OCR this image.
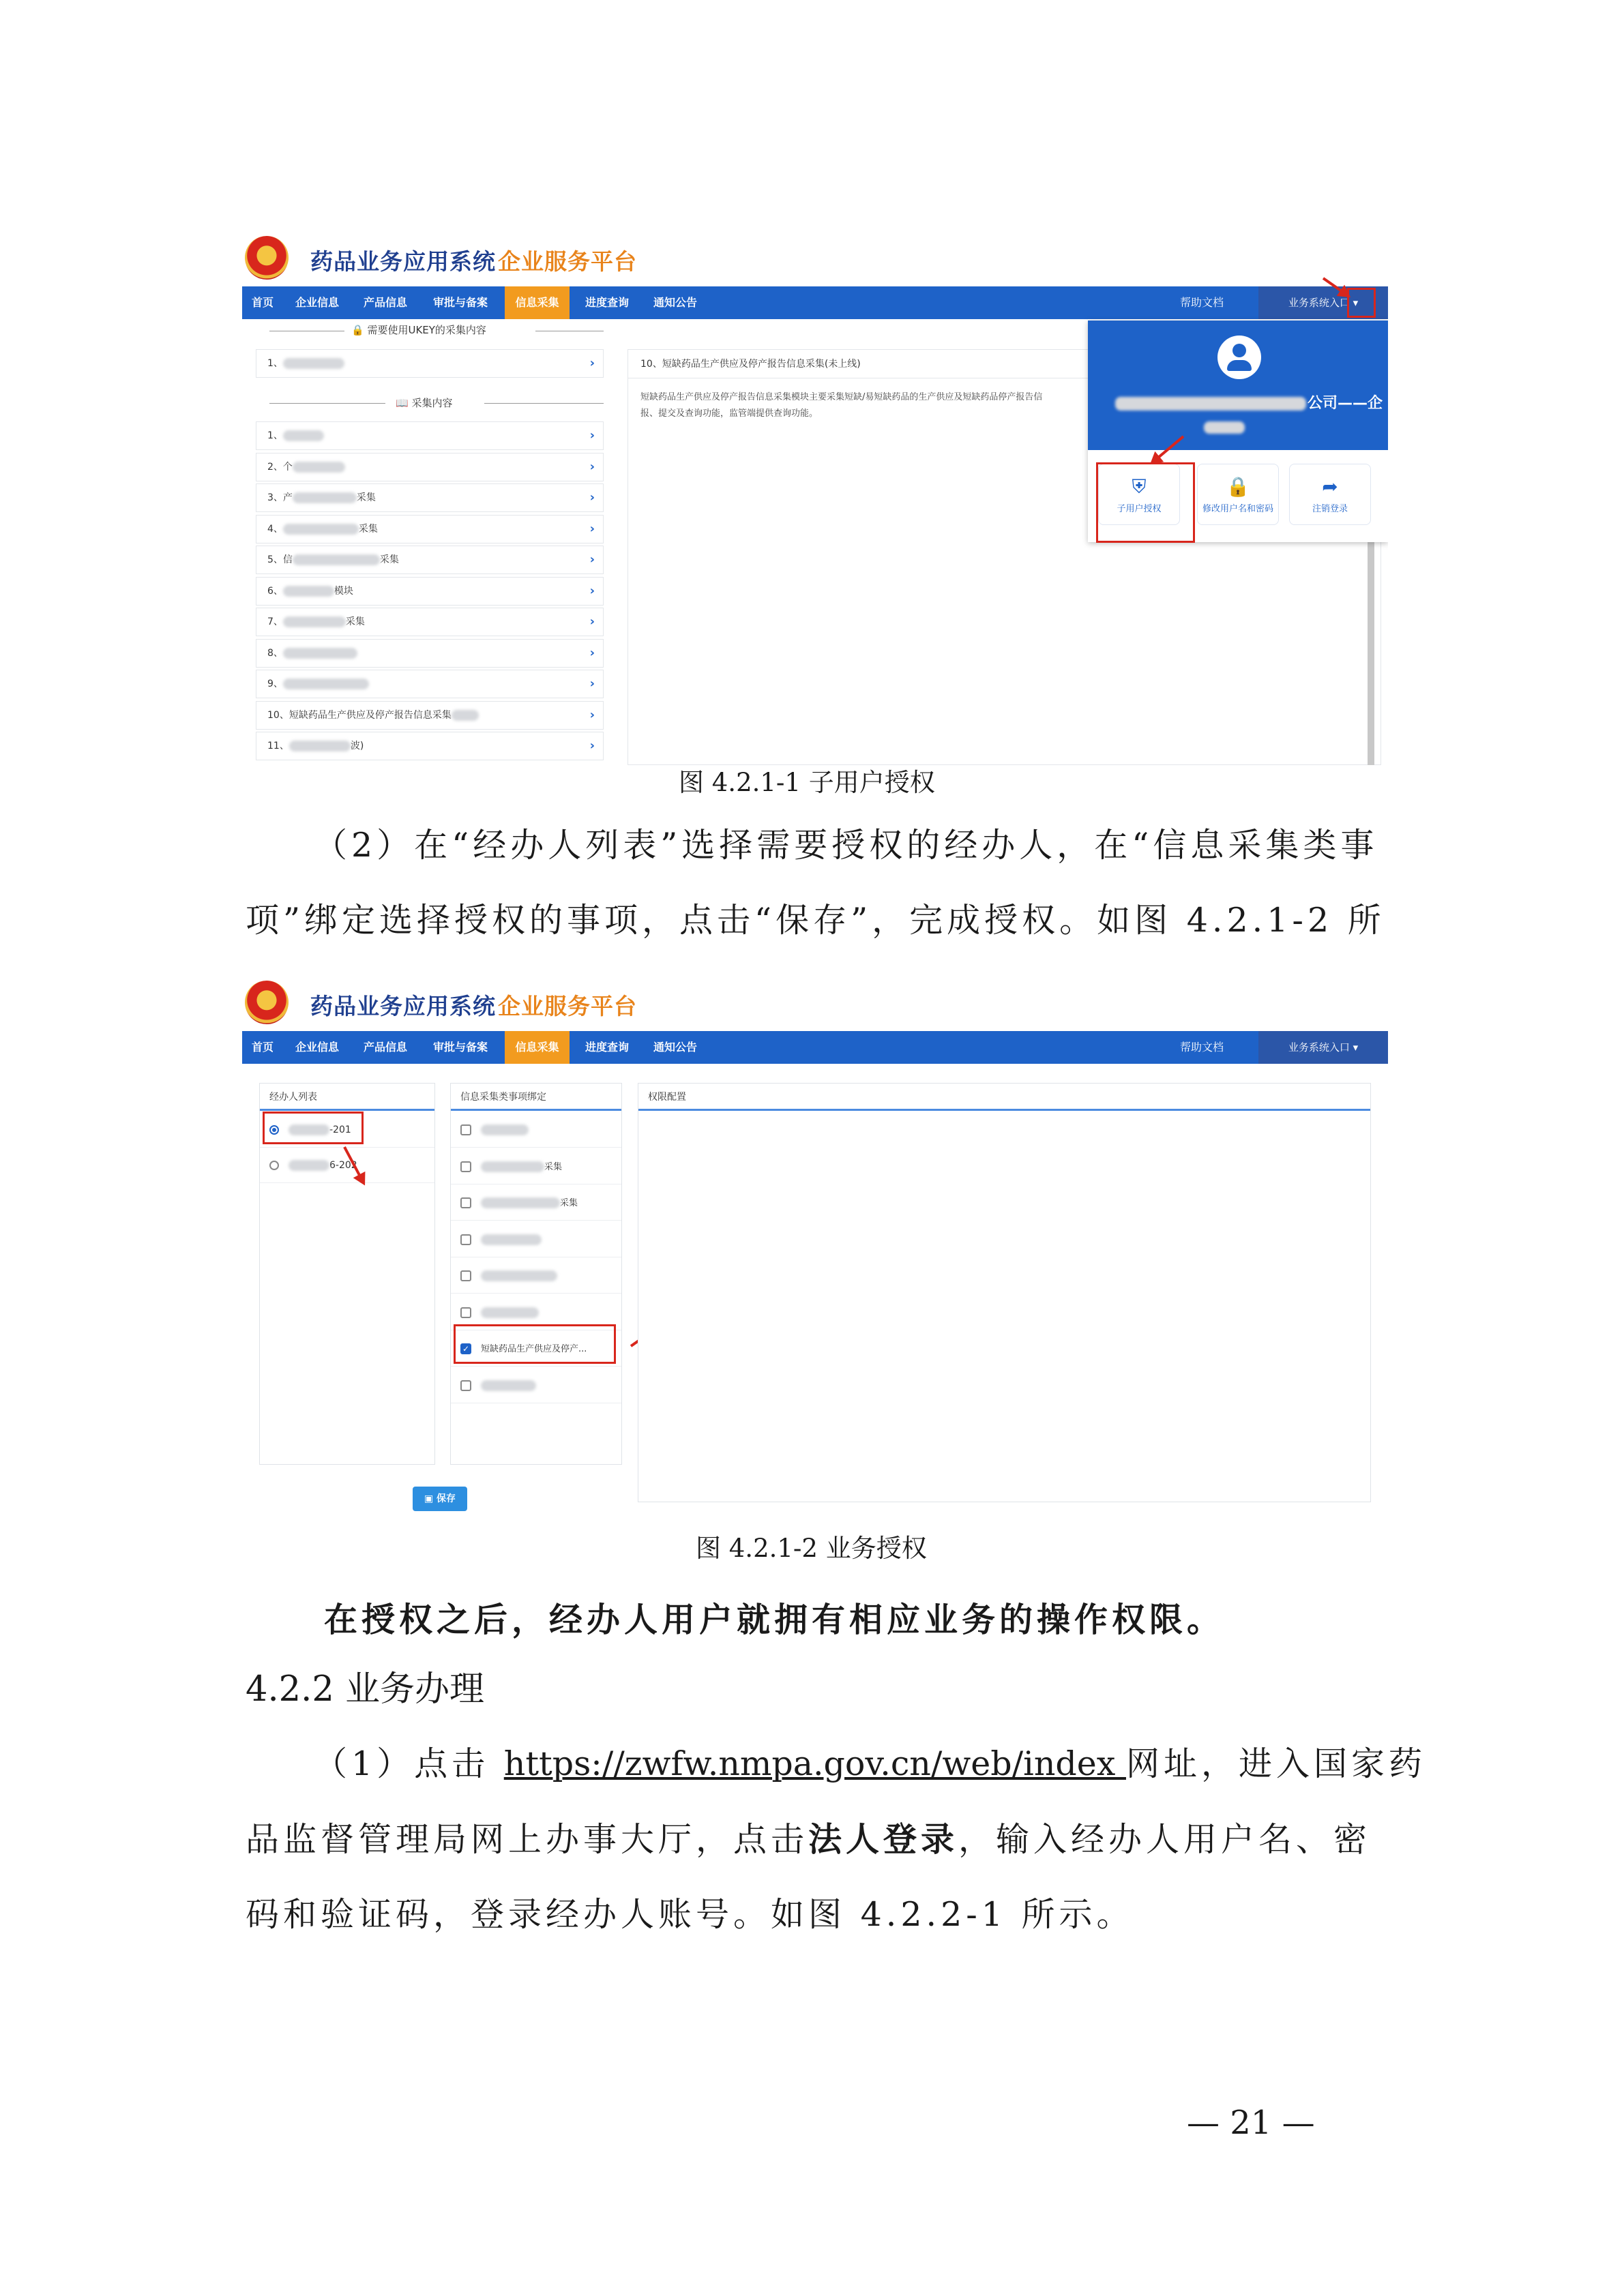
药品业务应用系统 企业服务平台
首页	企业信息	产品信息	审批与备案	信息采集	进度查询	通知公告	帮助文档	业务系统入口 ▾
🔒 需要使用UKEY的采集内容
1、	›
📖 采集内容
1、	›
2、个	›
3、产	采集	›
4、	采集	›
5、信	采集	›
6、	模块	›
7、	采集	›
8、	›
9、	›
10、短缺药品生产供应及停产报告信息采集	›
11、	波)	›
10、短缺药品生产供应及停产报告信息采集(未上线)
短缺药品生产供应及停产报告信息采集模块主要采集短缺/易短缺药品的生产供应及短缺药品停产报告信
报、提交及查询功能，监管端提供查询功能。
公司——企
⛨
子用户授权
🔒
修改用户名和密码
➦
注销登录
图 4.2.1-1 子用户授权
（2）在“经办人列表”选择需要授权的经办人，在“信息采集类事
项”绑定选择授权的事项，点击“保存”，完成授权。如图 4.2.1-2 所
药品业务应用系统 企业服务平台
首页	企业信息	产品信息	审批与备案	信息采集	进度查询	通知公告	帮助文档	业务系统入口 ▾
经办人列表
-201
6-202
信息采集类事项绑定
采集
采集
✓ 短缺药品生产供应及停产...
权限配置
▣ 保存
图 4.2.1-2 业务授权
在授权之后，经办人用户就拥有相应业务的操作权限。
4.2.2 业务办理
（1）点击 https://zwfw.nmpa.gov.cn/web/index 网址，进入国家药
品监督管理局网上办事大厅，点击法人登录，输入经办人用户名、密
码和验证码，登录经办人账号。如图 4.2.2-1 所示。
— 21 —
